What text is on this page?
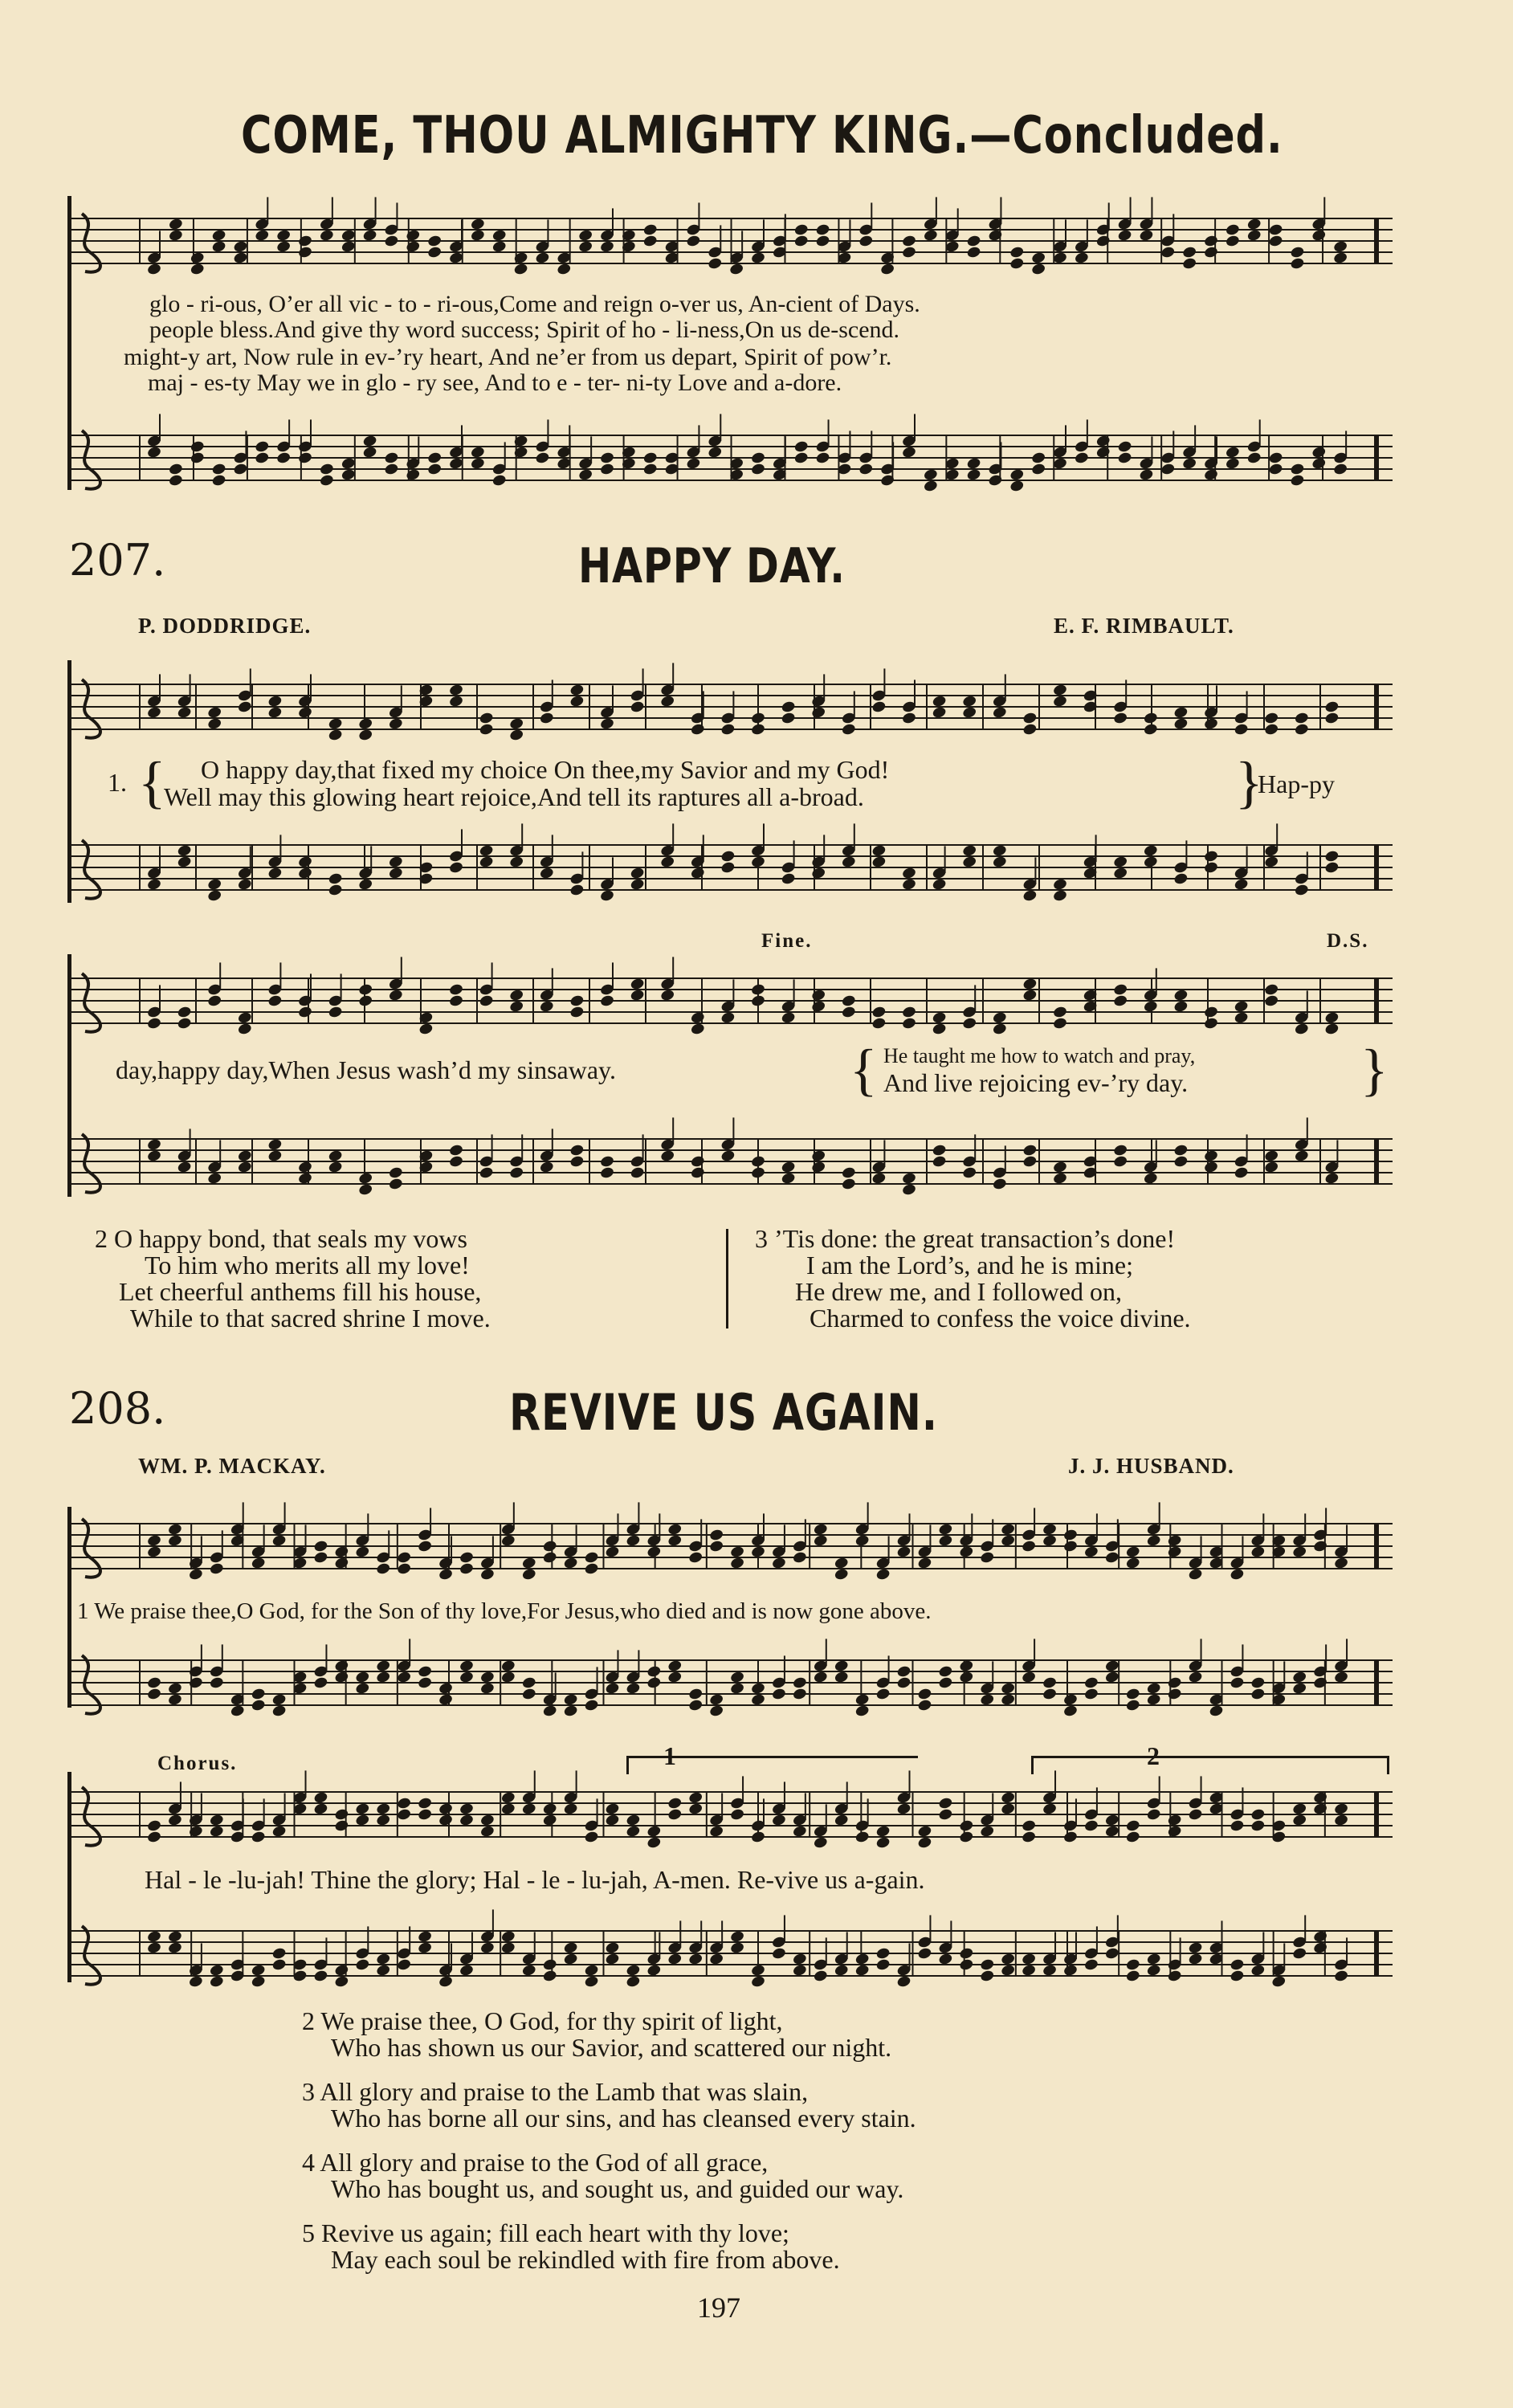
COME, THOU ALMIGHTY KING.—Concluded.
glo - ri-ous, O’er all vic - to - ri-ous,Come and reign o-ver us, An-cient of Days.
people bless.And give thy word success; Spirit of ho - li-ness,On us de-scend.
might-y art, Now rule in ev-’ry heart, And ne’er from us depart, Spirit of pow’r.
maj - es-ty May we in glo - ry see, And to e - ter- ni-ty Love and a-dore.
207.	HAPPY DAY.
P. DODDRIDGE.	E. F. RIMBAULT.
1. { O happy day,that fixed my choice On thee,my Savior and my God!
Well may this glowing heart rejoice,And tell its raptures all a-broad.	}
Hap-py
Fine.	D.S.
day,happy day,When Jesus wash’d my sinsaway.	{ He taught me how to watch and pray,
And live rejoicing ev-’ry day.	}
2 O happy bond, that seals my vows
To him who merits all my love!
Let cheerful anthems fill his house,
While to that sacred shrine I move.
3 ’Tis done: the great transaction’s done!
I am the Lord’s, and he is mine;
He drew me, and I followed on,
Charmed to confess the voice divine.
208.	REVIVE US AGAIN.
WM. P. MACKAY.	J. J. HUSBAND.
1 We praise thee,O God, for the Son of thy love,For Jesus,who died and is now gone above.
Chorus.	1	2
Hal - le -lu-jah! Thine the glory; Hal - le - lu-jah, A-men. Re-vive us a-gain.
2 We praise thee, O God, for thy spirit of light,
Who has shown us our Savior, and scattered our night.
3 All glory and praise to the Lamb that was slain,
Who has borne all our sins, and has cleansed every stain.
4 All glory and praise to the God of all grace,
Who has bought us, and sought us, and guided our way.
5 Revive us again; fill each heart with thy love;
May each soul be rekindled with fire from above.
197
